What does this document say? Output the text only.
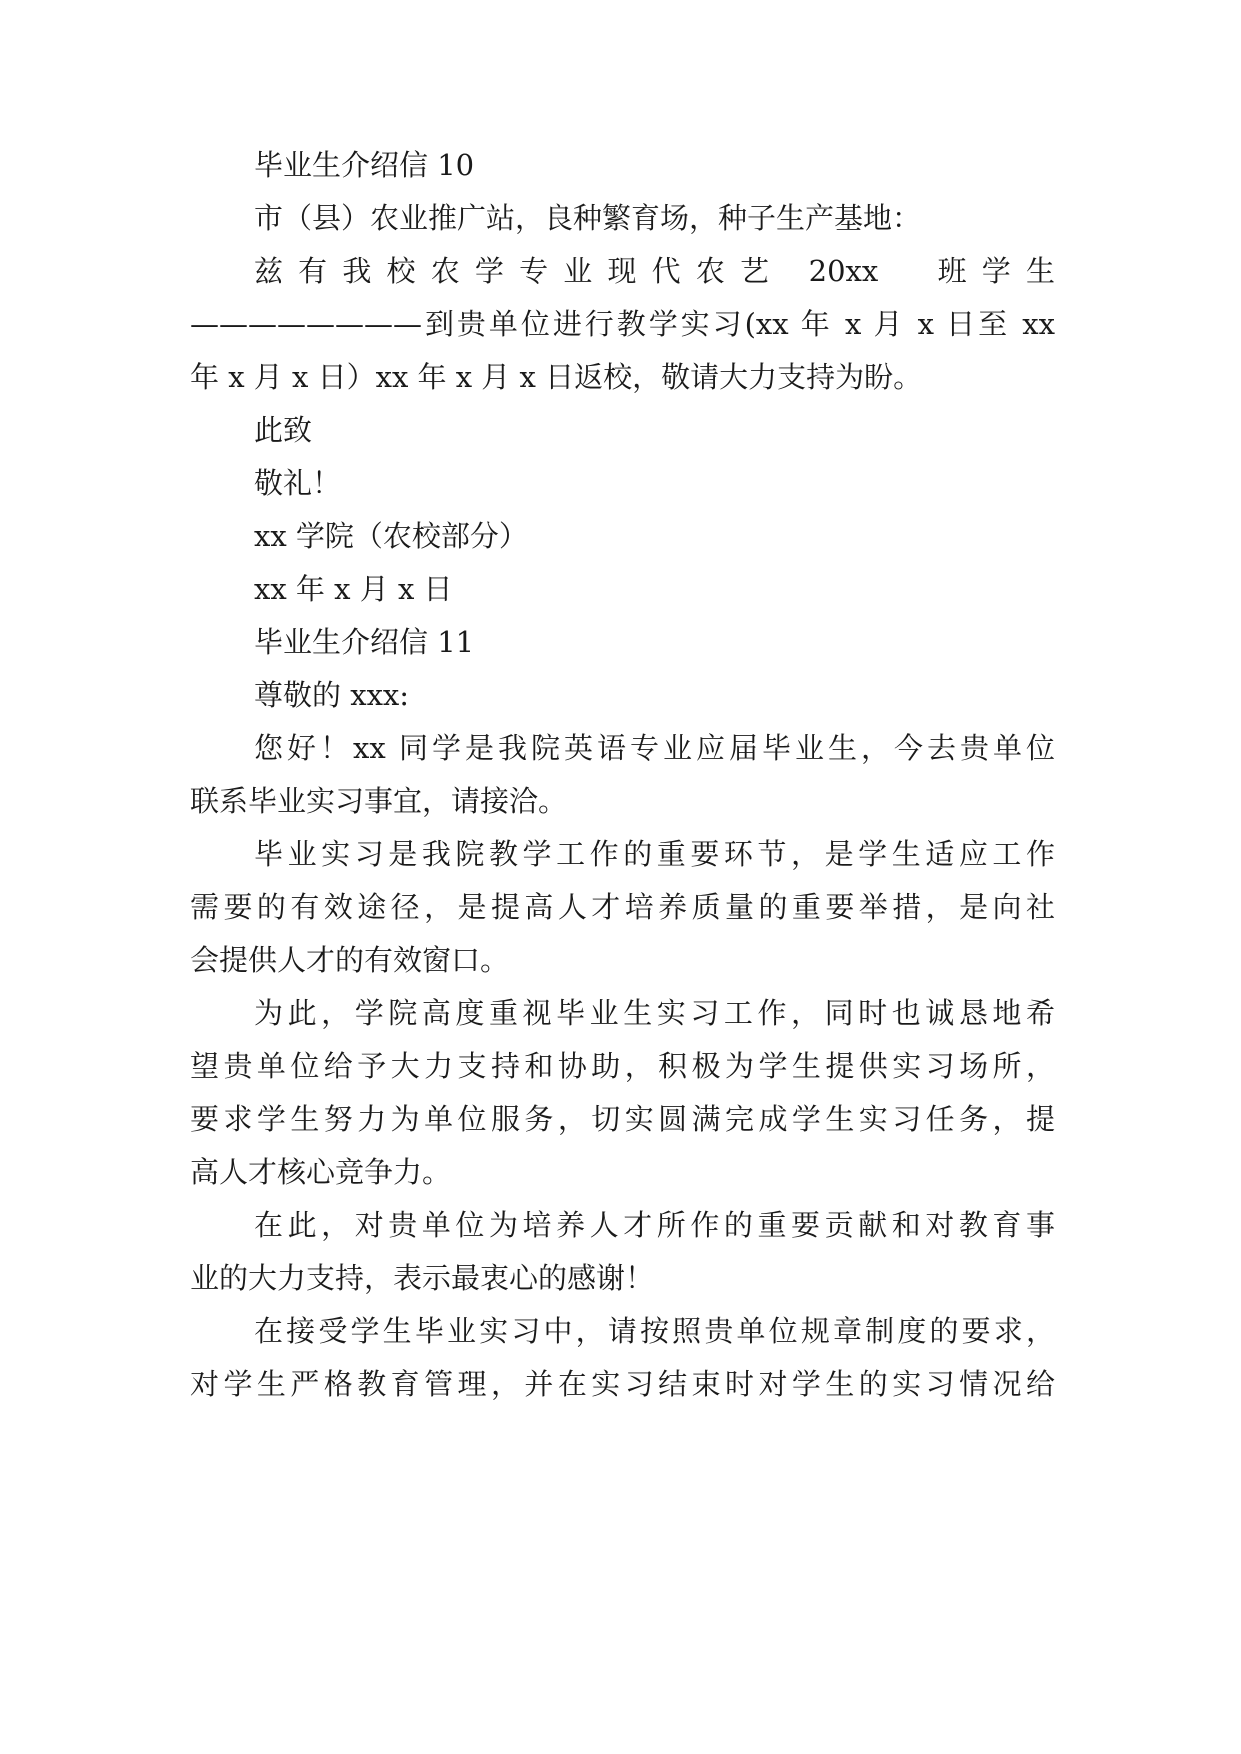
毕业生介绍信 10

市（县）农业推广站，良种繁育场，种子生产基地：

兹有我校农学专业现代农艺 20xx　班学生

————————到贵单位进行教学实习(xx 年 x 月 x 日至 xx

年 x 月 x 日）xx 年 x 月 x 日返校，敬请大力支持为盼。

此致

敬礼！

xx 学院（农校部分）

xx 年 x 月 x 日

毕业生介绍信 11

尊敬的 xxx:

您好！xx 同学是我院英语专业应届毕业生，今去贵单位

联系毕业实习事宜，请接洽。

毕业实习是我院教学工作的重要环节，是学生适应工作

需要的有效途径，是提高人才培养质量的重要举措，是向社

会提供人才的有效窗口。

为此，学院高度重视毕业生实习工作，同时也诚恳地希

望贵单位给予大力支持和协助，积极为学生提供实习场所，

要求学生努力为单位服务，切实圆满完成学生实习任务，提

高人才核心竞争力。

在此，对贵单位为培养人才所作的重要贡献和对教育事

业的大力支持，表示最衷心的感谢！

在接受学生毕业实习中，请按照贵单位规章制度的要求，

对学生严格教育管理，并在实习结束时对学生的实习情况给
